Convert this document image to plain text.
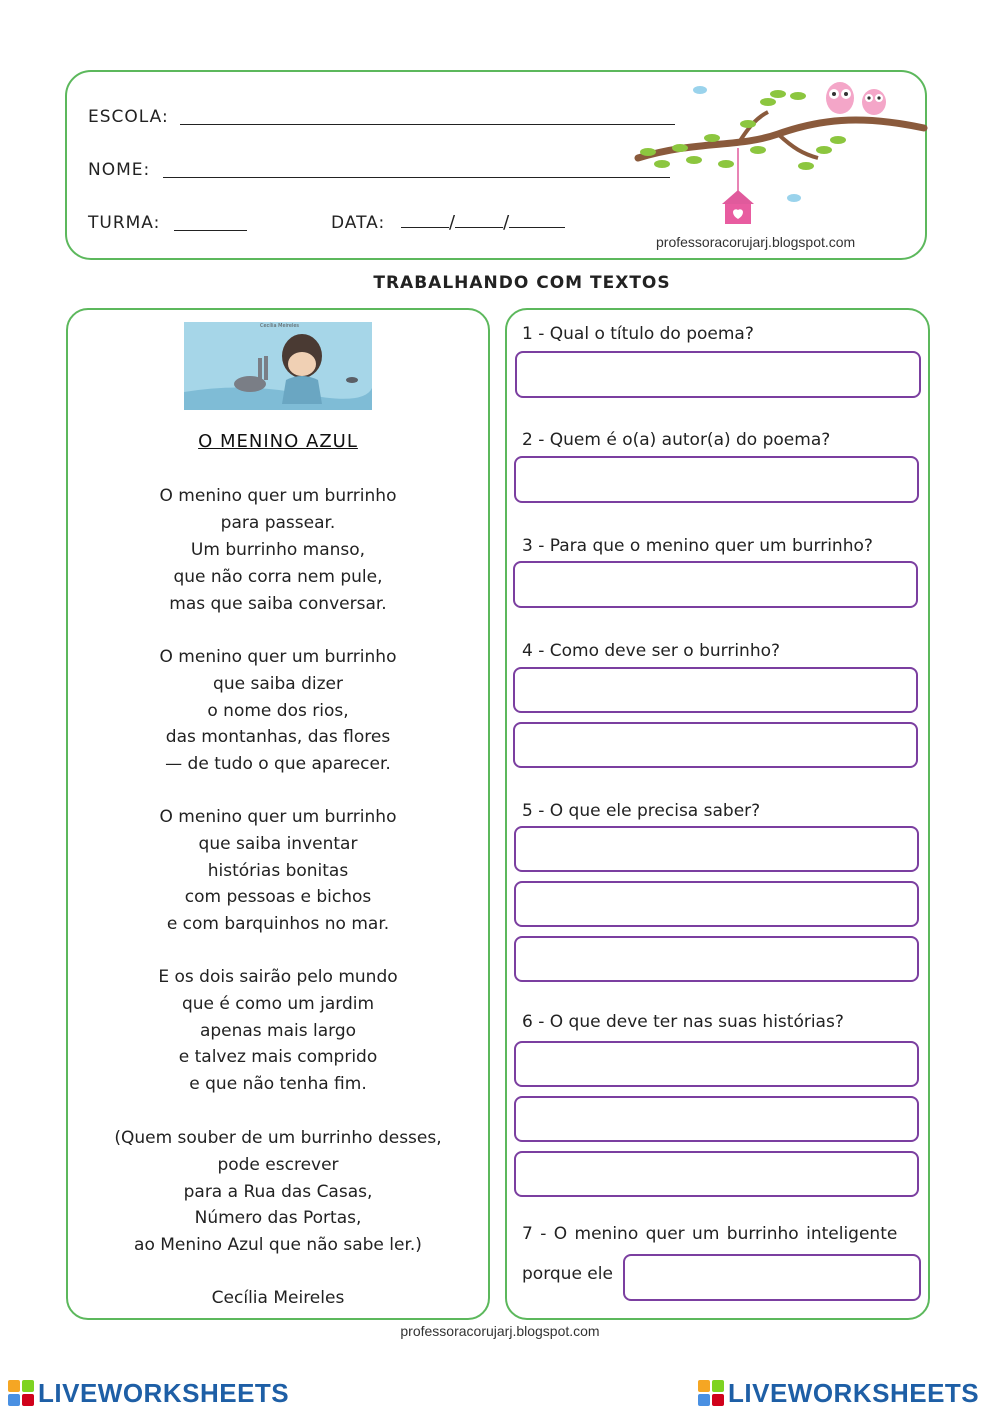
ESCOLA:
NOME:
TURMA:	DATA:	/	/
professoracorujarj.blogspot.com
TRABALHANDO COM TEXTOS
Cecília Meireles
O MENINO AZUL
O menino quer um burrinho
para passear.
Um burrinho manso,
que não corra nem pule,
mas que saiba conversar.
O menino quer um burrinho
que saiba dizer
o nome dos rios,
das montanhas, das flores
— de tudo o que aparecer.
O menino quer um burrinho
que saiba inventar
histórias bonitas
com pessoas e bichos
e com barquinhos no mar.
E os dois sairão pelo mundo
que é como um jardim
apenas mais largo
e talvez mais comprido
e que não tenha fim.
(Quem souber de um burrinho desses,
pode escrever
para a Rua das Casas,
Número das Portas,
ao Menino Azul que não sabe ler.)
Cecília Meireles
1 - Qual o título do poema?
2 - Quem é o(a) autor(a) do poema?
3 - Para que o menino quer um burrinho?
4 - Como deve ser o burrinho?
5 - O que ele precisa saber?
6 - O que deve ter nas suas histórias?
7 - O menino quer um burrinho inteligente
porque ele
professoracorujarj.blogspot.com
LIVEWORKSHEETS	LIVEWORKSHEETS
